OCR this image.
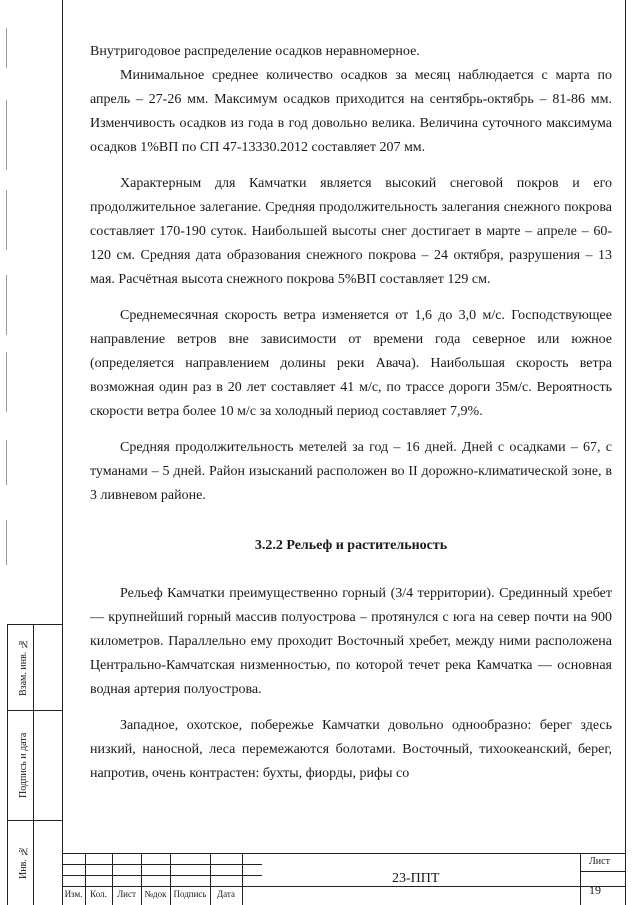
Взам. инв. №
Подпись и дата
Инв. №

Внутригодовое распределение осадков неравномерное.

Минимальное среднее количество осадков за месяц наблюдается с марта по апрель – 27-26 мм. Максимум осадков приходится на сентябрь-октябрь – 81-86 мм. Изменчивость осадков из года в год довольно велика. Величина суточного максимума осадков 1%ВП по СП 47-13330.2012 составляет 207 мм.

Характерным для Камчатки является высокий снеговой покров и его продолжительное залегание. Средняя продолжительность залегания снежного покрова составляет 170-190 суток. Наибольшей высоты снег достигает в марте – апреле – 60-120 см. Средняя дата образования снежного покрова – 24 октября, разрушения – 13 мая. Расчётная высота снежного покрова 5%ВП составляет 129 см.

Среднемесячная скорость ветра изменяется от 1,6 до 3,0 м/с. Господствующее направление ветров вне зависимости от времени года северное или южное (определяется направлением долины реки Авача). Наибольшая скорость ветра возможная один раз в 20 лет составляет 41 м/с, по трассе дороги 35м/с. Вероятность скорости ветра более 10 м/с за холодный период составляет 7,9%.

Средняя продолжительность метелей за год – 16 дней. Дней с осадками – 67, с туманами – 5 дней. Район изысканий расположен во II дорожно-климатической зоне, в 3 ливневом районе.

3.2.2 Рельеф и растительность

Рельеф Камчатки преимущественно горный (3/4 территории). Срединный хребет — крупнейший горный массив полуострова – протянулся с юга на север почти на 900 километров. Параллельно ему проходит Восточный хребет, между ними расположена Центрально-Камчатская низменностью, по которой течет река Камчатка — основная водная артерия полуострова.

Западное, охотское, побережье Камчатки довольно однообразно: берег здесь низкий, наносной, леса перемежаются болотами. Восточный, тихоокеанский, берег, напротив, очень контрастен: бухты, фиорды, рифы со

Изм. Кол.	Лист №док Подпись	Дата
23-ППТ
Лист
19
